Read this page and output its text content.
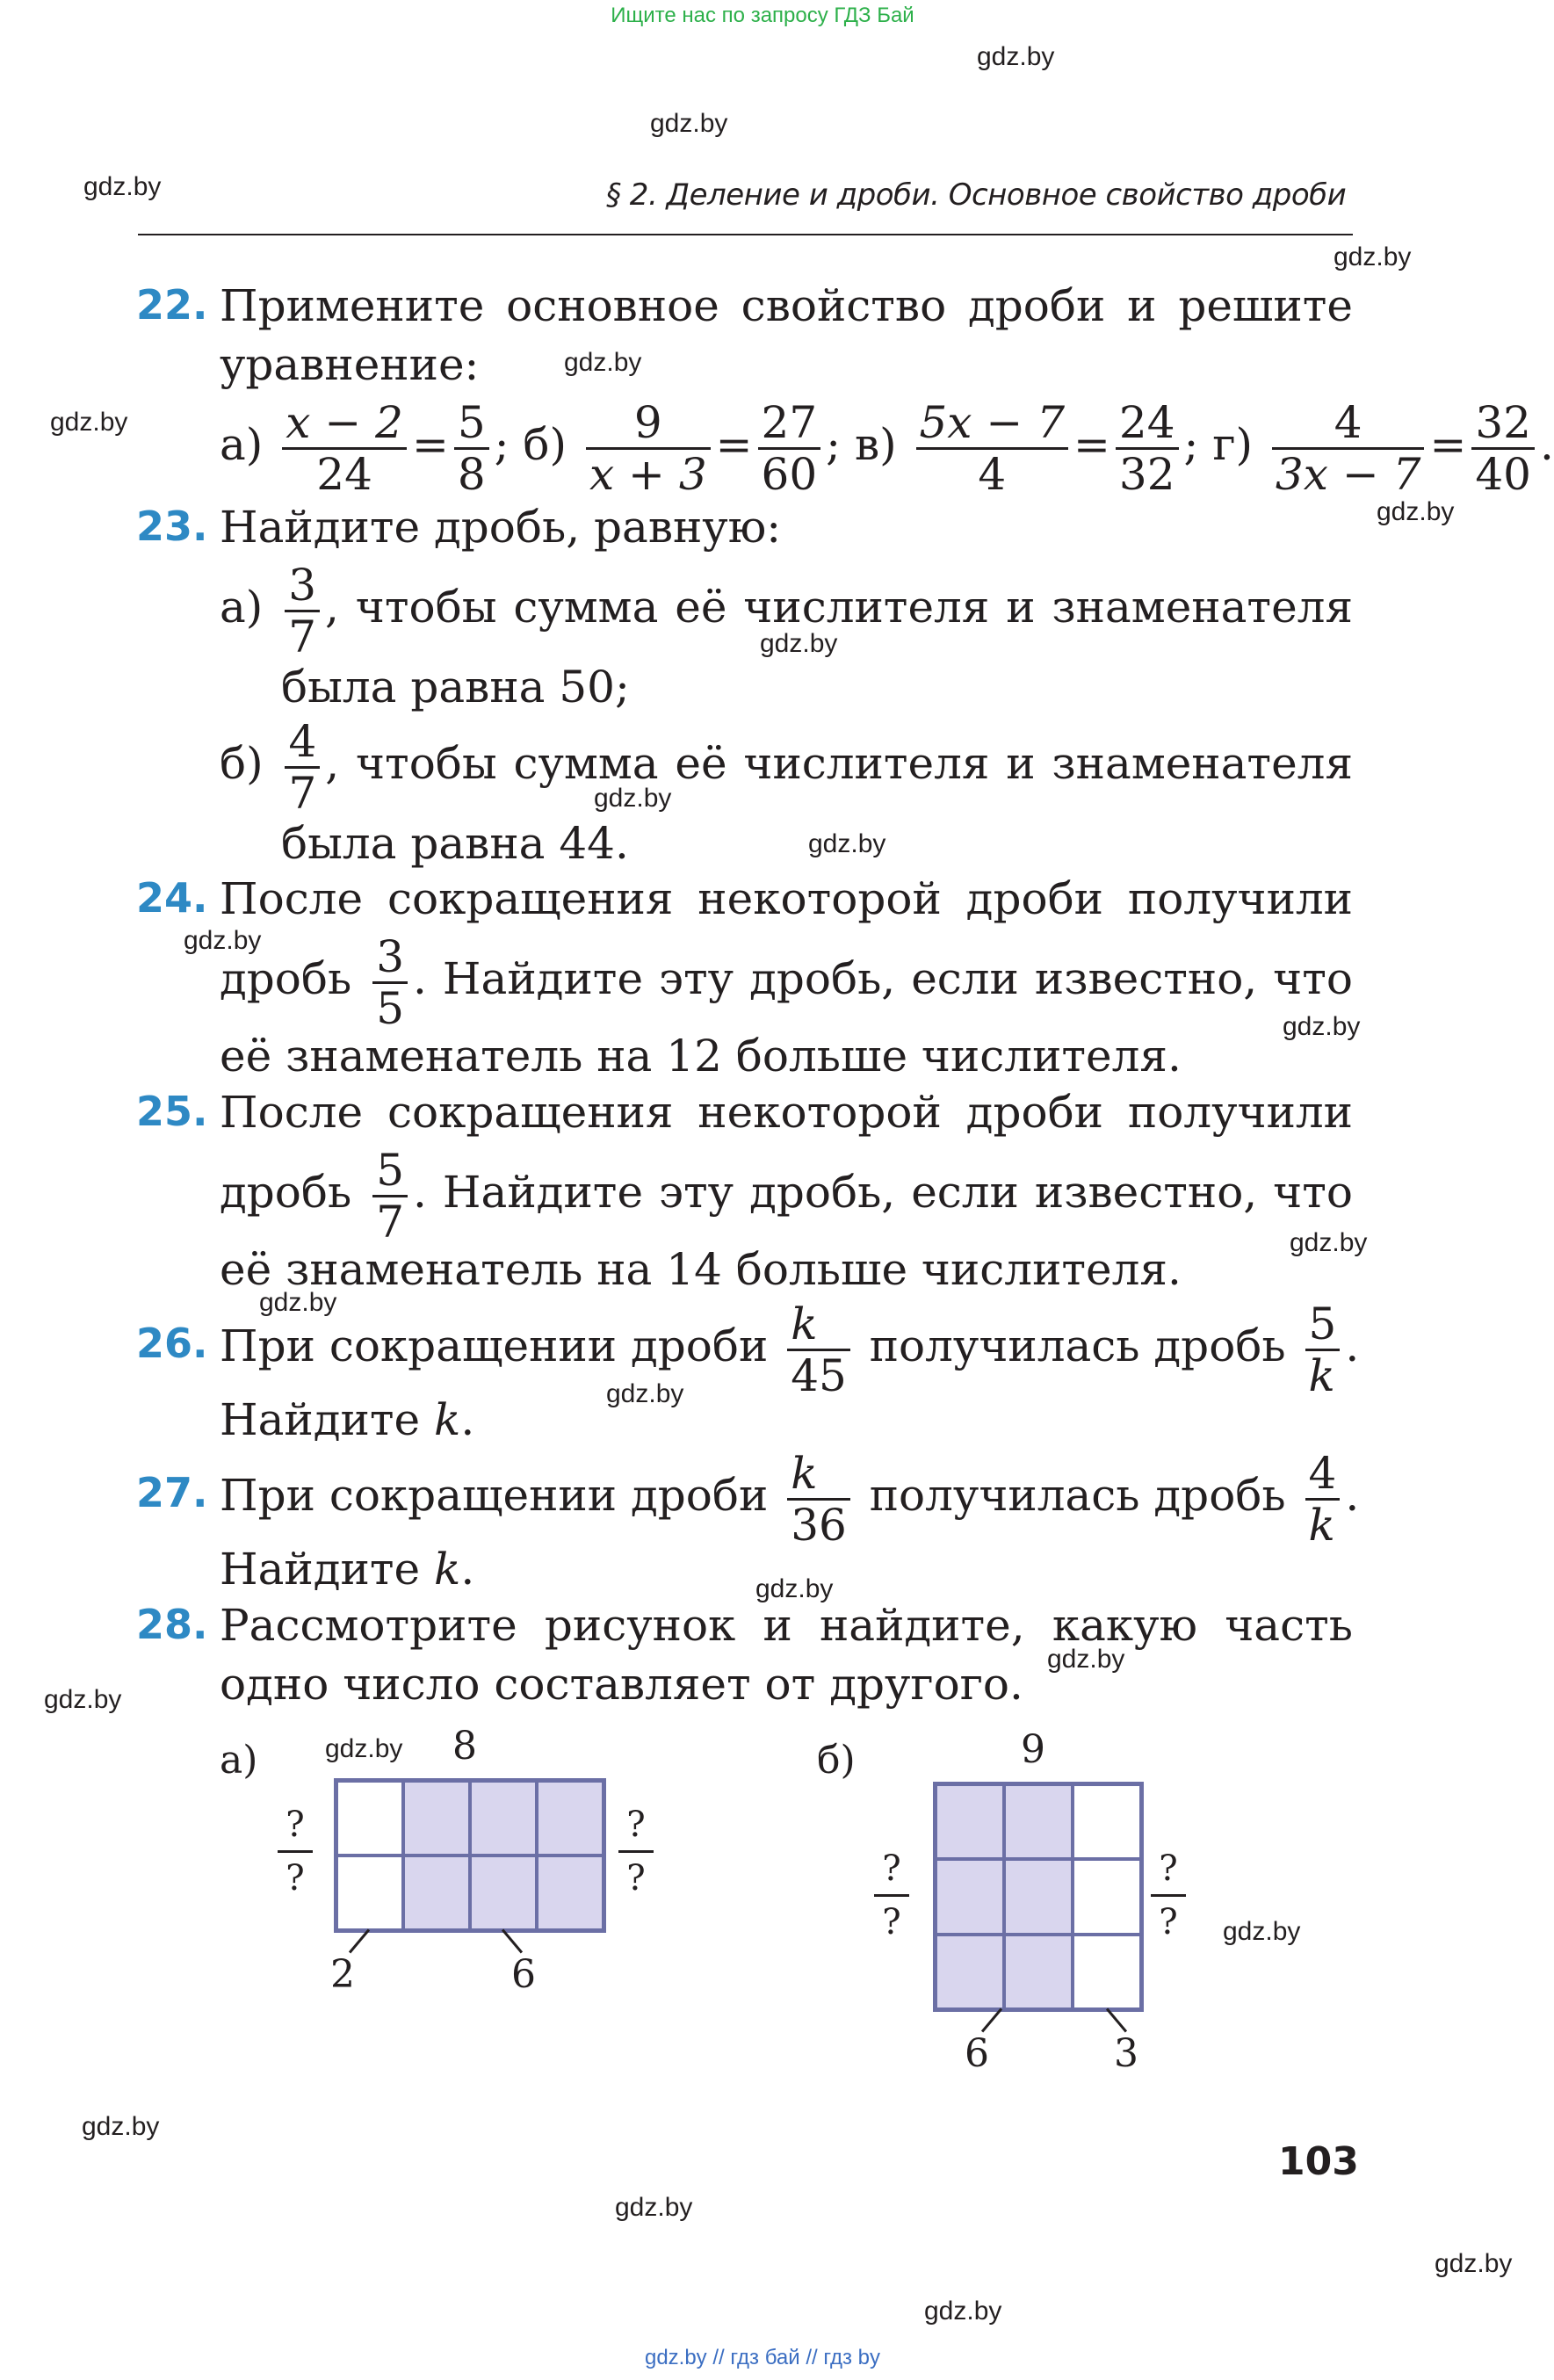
Ищите нас по запросу ГДЗ Бай
gdz.by
gdz.by
gdz.by
gdz.by
gdz.by
gdz.by
gdz.by
gdz.by
gdz.by
gdz.by
gdz.by
gdz.by
gdz.by
gdz.by
gdz.by
gdz.by
gdz.by
gdz.by
gdz.by
gdz.by
gdz.by
gdz.by
gdz.by
gdz.by
§ 2. Деление и дроби. Основное свойство дроби
22. Примените основное свойство дроби и решите
уравнение:
$а) \frac{x - 2}{24} = \frac{5}{8}$ ; $б) \frac{9}{x + 3} = \frac{27}{60}$ ; $в) \frac{5x - 7}{4} = \frac{24}{32}$ ; $г) \frac{4}{3x - 7} = \frac{32}{40}$ .
23. Найдите дробь, равную:
$а) \frac{3}{7}$ , чтобы сумма её числителя и знаменателя
была равна 50;
$б) \frac{4}{7}$ , чтобы сумма её числителя и знаменателя
была равна 44.
24. После сокращения некоторой дроби получили
дробь $\frac{3}{5}$ . Найдите эту дробь, если известно, что
её знаменатель на 12 больше числителя.
25. После сокращения некоторой дроби получили
дробь $\frac{5}{7}$ . Найдите эту дробь, если известно, что
её знаменатель на 14 больше числителя.
26. При сокращении дроби $\frac{k}{45}$ получилась дробь $\frac{5}{k}$ .
Найдите k.
27. При сокращении дроби $\frac{k}{36}$ получилась дробь $\frac{4}{k}$ .
Найдите k.
28. Рассмотрите рисунок и найдите, какую часть
одно число составляет от другого.
а)	8
?
?
?
?
2	6
б)	9
?
?
?
?
6	3
103
gdz.by // гдз бай // гдз by
